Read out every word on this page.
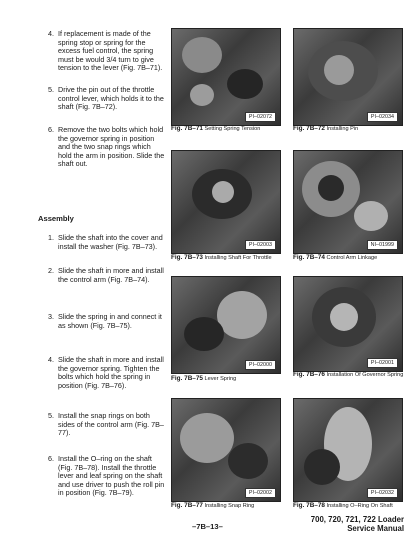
4. If replacement is made of the spring stop or spring for the excess fuel control, the spring must be would 3/4 turn to give tension to the lever (Fig. 7B–71).
5. Drive the pin out of the throttle control lever, which holds it to the shaft (Fig. 7B–72).
6. Remove the two bolts which hold the governor spring in position and the two snap rings which hold the arm in position. Slide the shaft out.
Assembly
1. Slide the shaft into the cover and install the washer (Fig. 7B–73).
2. Slide the shaft in more and install the control arm (Fig. 7B–74).
3. Slide the spring in and connect it as shown (Fig. 7B–75).
4. Slide the shaft in more and install the governor spring. Tighten the bolts which hold the spring in position (Fig. 7B–76).
5. Install the snap rings on both sides of the control arm (Fig. 7B–77).
6. Install the O–ring on the shaft (Fig. 7B–78). Install the throttle lever and leaf spring on the shaft and use driver to push the roll pin in position (Fig. 7B–79).
PI–02072
Fig. 7B–71 Setting Spring Tension
PI–02034
Fig. 7B–72 Installing Pin
PI–02003
Fig. 7B–73 Installing Shaft For Throttle
NI–01999
Fig. 7B–74 Control Arm Linkage
PI–02000
Fig. 7B–75 Lever Spring
PI–02001
Fig. 7B–76 Installation Of Governor Spring
PI–02002
Fig. 7B–77 Installing Snap Ring
PI–02032
Fig. 7B–78 Installing O–Ring On Shaft
–7B–13–
700, 720, 721, 722 Loader
Service Manual
